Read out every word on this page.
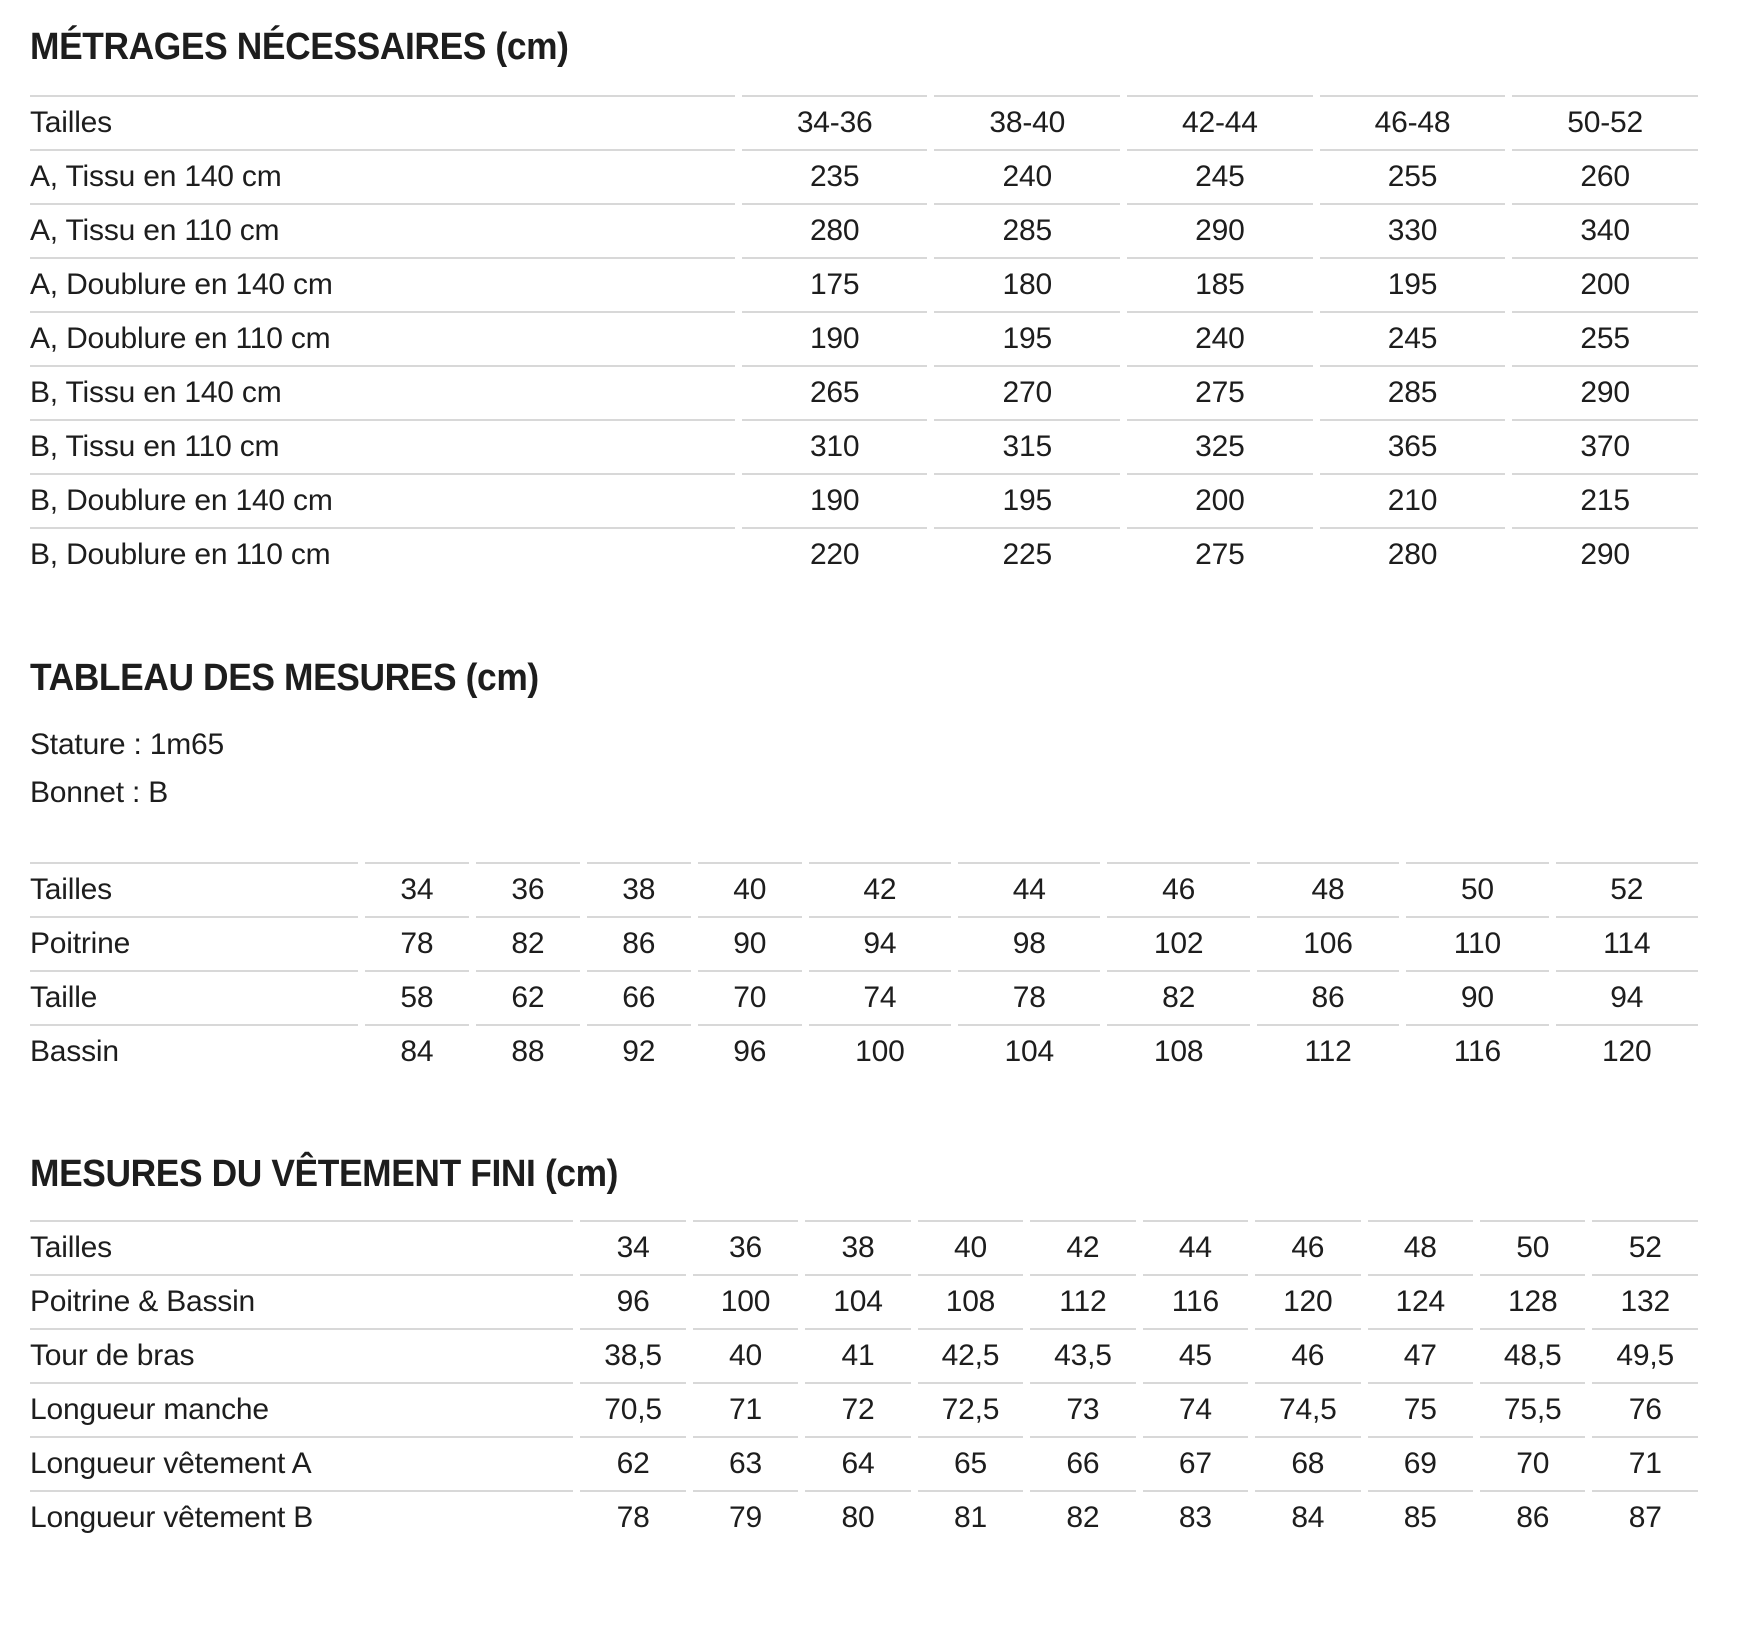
MÉTRAGES NÉCESSAIRES (cm)
Tailles	34-36	38-40	42-44	46-48	50-52
A, Tissu en 140 cm	235	240	245	255	260
A, Tissu en 110 cm	280	285	290	330	340
A, Doublure en 140 cm	175	180	185	195	200
A, Doublure en 110 cm	190	195	240	245	255
B, Tissu en 140 cm	265	270	275	285	290
B, Tissu en 110 cm	310	315	325	365	370
B, Doublure en 140 cm	190	195	200	210	215
B, Doublure en 110 cm	220	225	275	280	290
TABLEAU DES MESURES (cm)

Stature : 1m65

Bonnet : B

Tailles	34	36	38	40	42	44	46	48	50	52
Poitrine	78	82	86	90	94	98	102	106	110	114
Taille	58	62	66	70	74	78	82	86	90	94
Bassin	84	88	92	96	100	104	108	112	116	120
MESURES DU VÊTEMENT FINI (cm)
Tailles	34	36	38	40	42	44	46	48	50	52
Poitrine & Bassin	96	100	104	108	112	116	120	124	128	132
Tour de bras	38,5	40	41	42,5	43,5	45	46	47	48,5	49,5
Longueur manche	70,5	71	72	72,5	73	74	74,5	75	75,5	76
Longueur vêtement A	62	63	64	65	66	67	68	69	70	71
Longueur vêtement B	78	79	80	81	82	83	84	85	86	87
